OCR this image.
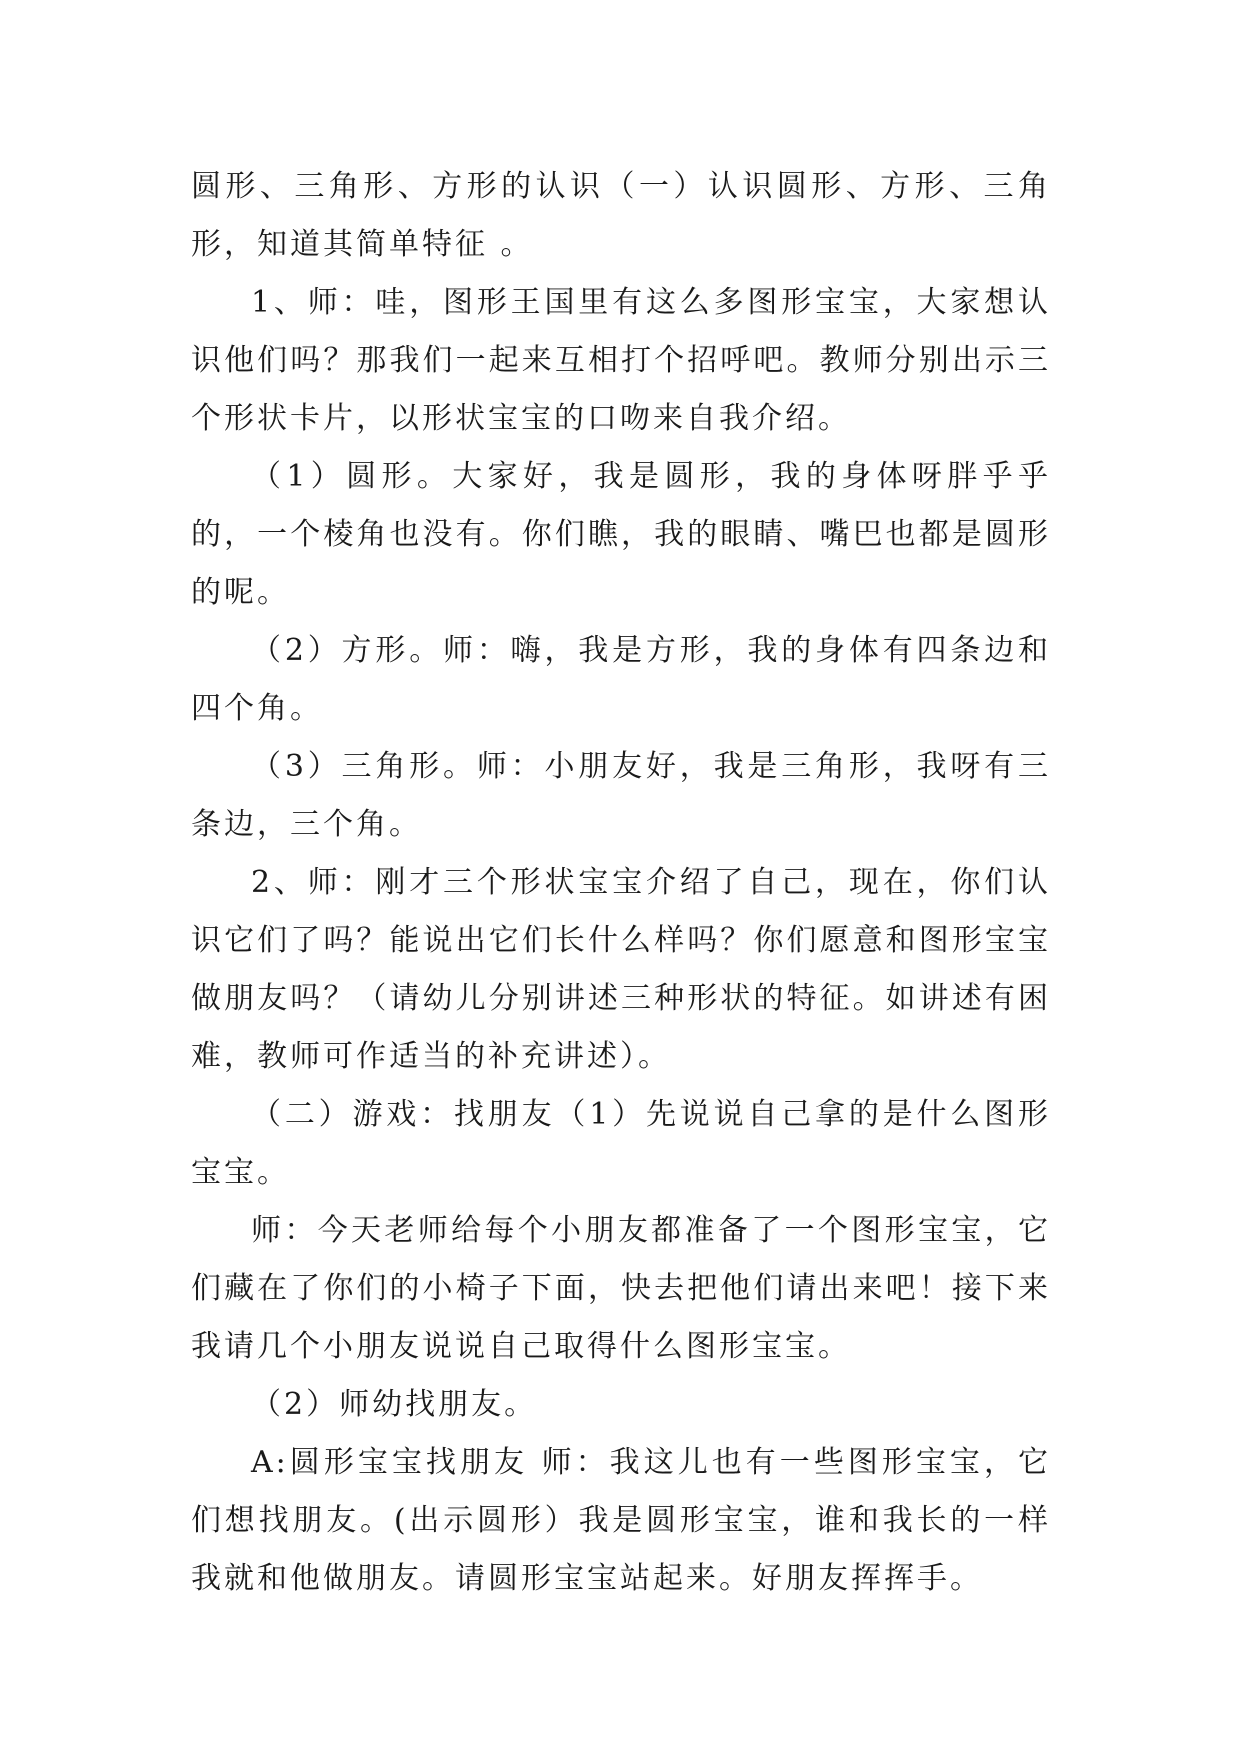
圆形、三角形、方形的认识（一）认识圆形、方形、三角形，知道其简单特征 。

1、师：哇，图形王国里有这么多图形宝宝，大家想认识他们吗？那我们一起来互相打个招呼吧。教师分别出示三个形状卡片，以形状宝宝的口吻来自我介绍。

（1）圆形。大家好，我是圆形，我的身体呀胖乎乎的，一个棱角也没有。你们瞧，我的眼睛、嘴巴也都是圆形的呢。

（2）方形。师：嗨，我是方形，我的身体有四条边和四个角。

（3）三角形。师：小朋友好，我是三角形，我呀有三条边，三个角。

2、师：刚才三个形状宝宝介绍了自己，现在，你们认识它们了吗？能说出它们长什么样吗？你们愿意和图形宝宝做朋友吗？（请幼儿分别讲述三种形状的特征。如讲述有困难，教师可作适当的补充讲述）。

（二）游戏：找朋友（1）先说说自己拿的是什么图形宝宝。

师：今天老师给每个小朋友都准备了一个图形宝宝，它们藏在了你们的小椅子下面，快去把他们请出来吧！接下来我请几个小朋友说说自己取得什么图形宝宝。

（2）师幼找朋友。

A:圆形宝宝找朋友 师：我这儿也有一些图形宝宝，它们想找朋友。(出示圆形）我是圆形宝宝，谁和我长的一样我就和他做朋友。请圆形宝宝站起来。好朋友挥挥手。
